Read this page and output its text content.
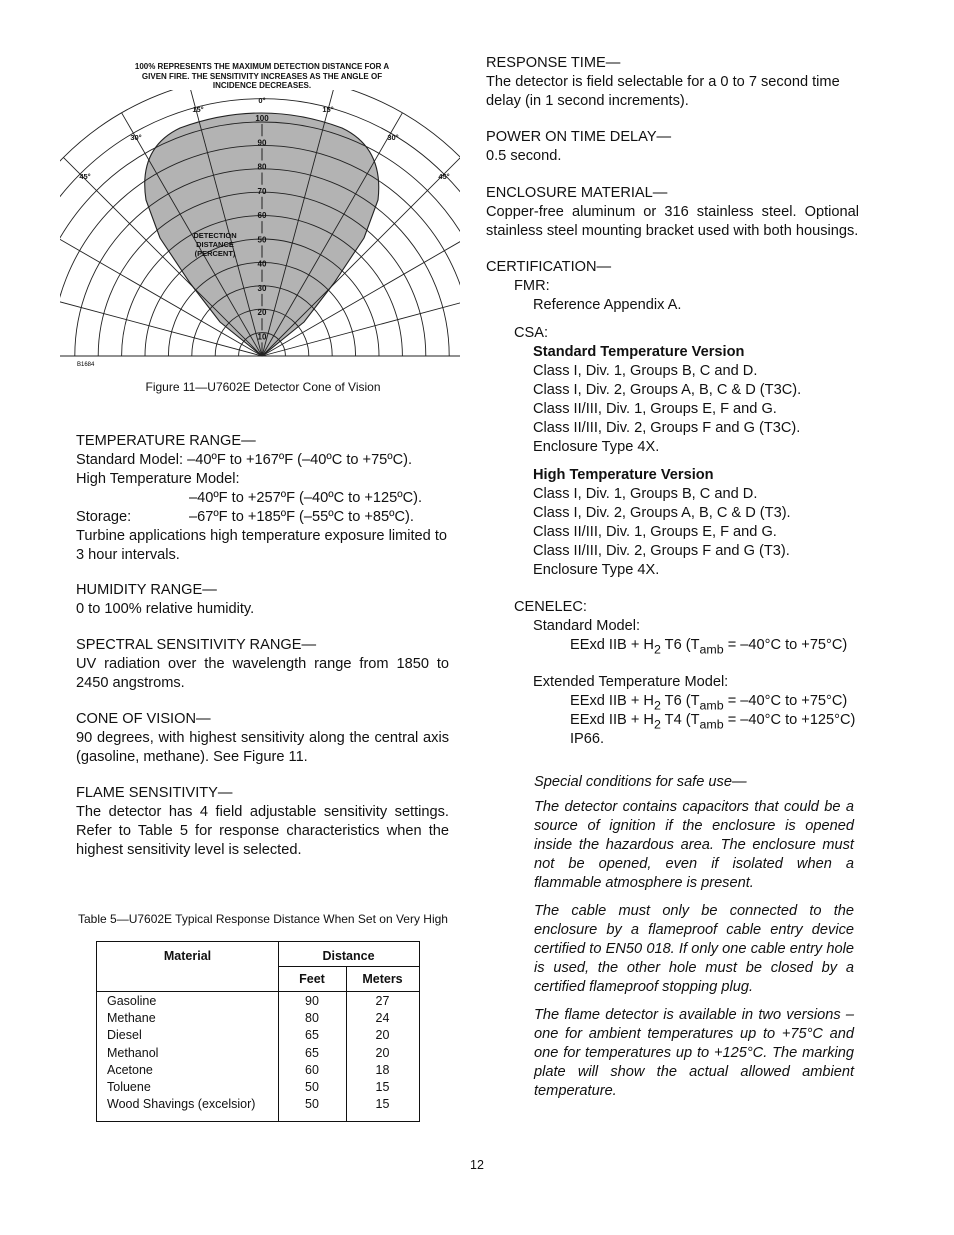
100% REPRESENTS THE MAXIMUM DETECTION DISTANCE FOR A
GIVEN FIRE. THE SENSITIVITY INCREASES AS THE ANGLE OF
INCIDENCE DECREASES.
0°
15°	15°
30°	30°
45°	45°
100
90
80
70
60
50
40
30
20
10
DETECTION
DISTANCE
(PERCENT)
B1684
Figure 11—U7602E Detector Cone of Vision

TEMPERATURE RANGE—

Standard Model: –40ºF to +167ºF (–40ºC to +75ºC).

High Temperature Model:

–40ºF to +257ºF (–40ºC to +125ºC).

Storage:	–67ºF to +185ºF (–55ºC to +85ºC).

Turbine applications high temperature exposure limited to 3 hour intervals.

HUMIDITY RANGE—

0 to 100% relative humidity.

SPECTRAL SENSITIVITY RANGE—

UV radiation over the wavelength range from 1850 to 2450 angstroms.

CONE OF VISION—

90 degrees, with highest sensitivity along the central axis (gasoline, methane). See Figure 11.

FLAME SENSITIVITY—

The detector has 4 field adjustable sensitivity settings. Refer to Table 5 for response characteristics when the highest sensitivity level is selected.

Table 5—U7602E Typical Response Distance When Set on Very High
Material	Distance
Feet	Meters
Gasoline	90	27
Methane	80	24
Diesel	65	20
Methanol	65	20
Acetone	60	18
Toluene	50	15
Wood Shavings (excelsior)	50	15

RESPONSE TIME—

The detector is field selectable for a 0 to 7 second time delay (in 1 second increments).

POWER ON TIME DELAY—

0.5 second.

ENCLOSURE MATERIAL—

Copper-free aluminum or 316 stainless steel. Optional stainless steel mounting bracket used with both housings.

CERTIFICATION—

FMR:

Reference Appendix A.

CSA:

Standard Temperature Version

Class I, Div. 1, Groups B, C and D.

Class I, Div. 2, Groups A, B, C & D (T3C).

Class II/III, Div. 1, Groups E, F and G.

Class II/III, Div. 2, Groups F and G (T3C).

Enclosure Type 4X.

High Temperature Version

Class I, Div. 1, Groups B, C and D.

Class I, Div. 2, Groups A, B, C & D (T3).

Class II/III, Div. 1, Groups E, F and G.

Class II/III, Div. 2, Groups F and G (T3).

Enclosure Type 4X.

CENELEC:

Standard Model:

EExd IIB + $H_2$ T6 ($T_{amb} = -40^\circ C$ to +75°C)

Extended Temperature Model:

EExd IIB + $H_2$ T6 ($T_{amb} = -40^\circ C$ to +75°C)

EExd IIB + $H_2$ T4 ($T_{amb} = -40^\circ C$ to +125°C)

IP66.

Special conditions for safe use—

The detector contains capacitors that could be a source of ignition if the enclosure is opened inside the hazardous area. The enclosure must not be opened, even if isolated when a flammable atmosphere is present.

The cable must only be connected to the enclosure by a flameproof cable entry device certified to EN50 018. If only one cable entry hole is used, the other hole must be closed by a certified flameproof stopping plug.

The flame detector is available in two versions – one for ambient temperatures up to +75°C and one for temperatures up to +125°C. The marking plate will show the actual allowed ambient temperature.

12
